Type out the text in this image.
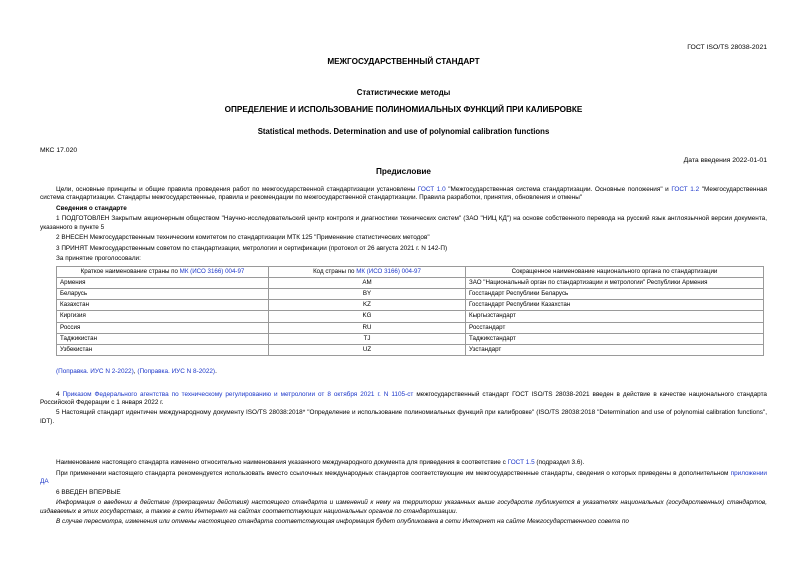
ГОСТ ISO/TS 28038-2021
МЕЖГОСУДАРСТВЕННЫЙ СТАНДАРТ
Статистические методы
ОПРЕДЕЛЕНИЕ И ИСПОЛЬЗОВАНИЕ ПОЛИНОМИАЛЬНЫХ ФУНКЦИЙ ПРИ КАЛИБРОВКЕ
Statistical methods. Determination and use of polynomial calibration functions
МКС 17.020
Дата введения 2022-01-01
Предисловие

Цели, основные принципы и общие правила проведения работ по межгосударственной стандартизации установлены ГОСТ 1.0 "Межгосударственная система стандартизации. Основные положения" и ГОСТ 1.2 "Межгосударственная система стандартизации. Стандарты межгосударственные, правила и рекомендации по межгосударственной стандартизации. Правила разработки, принятия, обновления и отмены"

Сведения о стандарте

1 ПОДГОТОВЛЕН Закрытым акционерным обществом "Научно-исследовательский центр контроля и диагностики технических систем" (ЗАО "НИЦ КД") на основе собственного перевода на русский язык англоязычной версии документа, указанного в пункте 5

2 ВНЕСЕН Межгосударственным техническим комитетом по стандартизации МТК 125 "Применение статистических методов"

3 ПРИНЯТ Межгосударственным советом по стандартизации, метрологии и сертификации (протокол от 26 августа 2021 г. N 142-П)

За принятие проголосовали:

Краткое наименование страны по МК (ИСО 3166) 004-97	Код страны по МК (ИСО 3166) 004-97	Сокращенное наименование национального органа по стандартизации
Армения	AM	ЗАО "Национальный орган по стандартизации и метрологии" Республики Армения
Беларусь	BY	Госстандарт Республики Беларусь
Казахстан	KZ	Госстандарт Республики Казахстан
Киргизия	KG	Кыргызстандарт
Россия	RU	Росстандарт
Таджикистан	TJ	Таджикстандарт
Узбекистан	UZ	Узстандарт

(Поправка. ИУС N 2-2022), (Поправка. ИУС N 8-2022).

4 Приказом Федерального агентства по техническому регулированию и метрологии от 8 октября 2021 г. N 1105-ст межгосударственный стандарт ГОСТ ISO/TS 28038-2021 введен в действие в качестве национального стандарта Российской Федерации с 1 января 2022 г.

5 Настоящий стандарт идентичен международному документу ISO/TS 28038:2018* "Определение и использование полиномиальных функций при калибровке" (ISO/TS 28038:2018 "Determination and use of polynomial calibration functions", IDT).

Наименование настоящего стандарта изменено относительно наименования указанного международного документа для приведения в соответствие с ГОСТ 1.5 (подраздел 3.6).

При применении настоящего стандарта рекомендуется использовать вместо ссылочных международных стандартов соответствующие им межгосударственные стандарты, сведения о которых приведены в дополнительном приложении ДА

6 ВВЕДЕН ВПЕРВЫЕ

Информация о введении в действие (прекращении действия) настоящего стандарта и изменений к нему на территории указанных выше государств публикуется в указателях национальных (государственных) стандартов, издаваемых в этих государствах, а также в сети Интернет на сайтах соответствующих национальных органов по стандартизации.

В случае пересмотра, изменения или отмены настоящего стандарта соответствующая информация будет опубликована в сети Интернет на сайте Межгосударственного совета по
